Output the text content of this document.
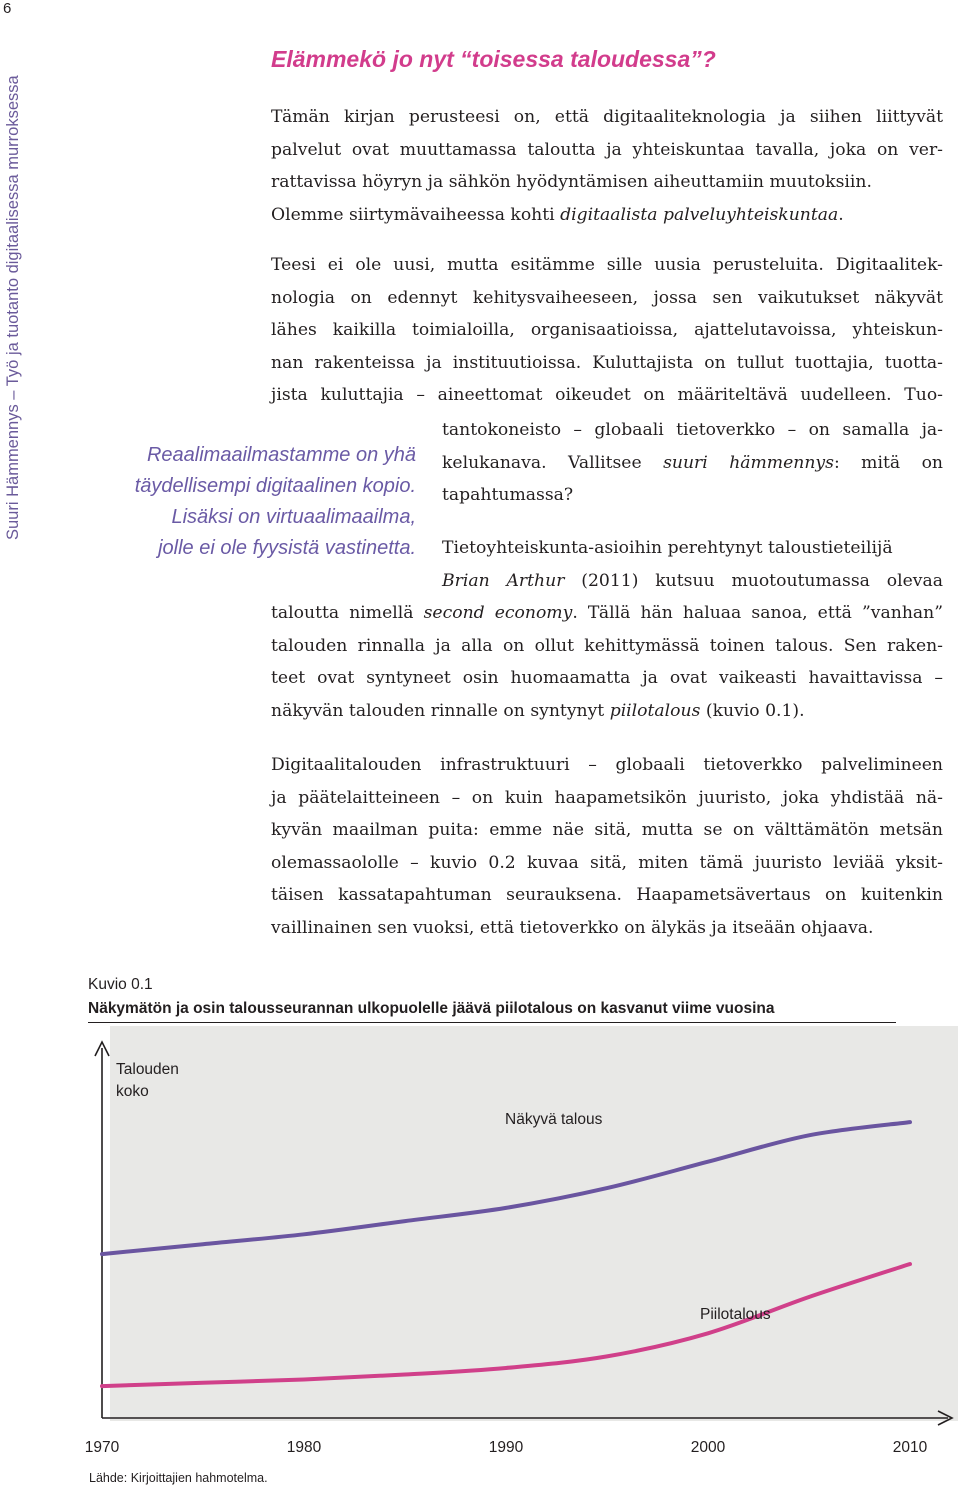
6
Suuri Hämmennys – Työ ja tuotanto digitaalisessa murroksessa
Elämmekö jo nyt “toisessa taloudessa”?
Tämän kirjan perusteesi on, että digitaaliteknologia ja siihen liittyvät
palvelut ovat muuttamassa taloutta ja yhteiskuntaa tavalla, joka on ver-
rattavissa höyryn ja sähkön hyödyntämisen aiheuttamiin muutoksiin.
Olemme siirtymävaiheessa kohti digitaalista palveluyhteiskuntaa.
Teesi ei ole uusi, mutta esitämme sille uusia perusteluita. Digitaalitek-
nologia on edennyt kehitysvaiheeseen, jossa sen vaikutukset näkyvät
lähes kaikilla toimialoilla, organisaatioissa, ajattelutavoissa, yhteiskun-
nan rakenteissa ja instituutioissa. Kuluttajista on tullut tuottajia, tuotta-
jista kuluttajia – aineettomat oikeudet on määriteltävä uudelleen. Tuo-
tantokoneisto – globaali tietoverkko – on samalla ja-
kelukanava. Vallitsee suuri hämmennys: mitä on
tapahtumassa?
Reaalimaailmastamme on yhä
täydellisempi digitaalinen kopio.
Lisäksi on virtuaalimaailma,
jolle ei ole fyysistä vastinetta. Tietoyhteiskunta-asioihin perehtynyt taloustieteilijä
Brian Arthur (2011) kutsuu muotoutumassa olevaa
taloutta nimellä second economy. Tällä hän haluaa sanoa, että ”vanhan”
talouden rinnalla ja alla on ollut kehittymässä toinen talous. Sen raken-
teet ovat syntyneet osin huomaamatta ja ovat vaikeasti havaittavissa –
näkyvän talouden rinnalle on syntynyt piilotalous (kuvio 0.1).
Digitaalitalouden infrastruktuuri – globaali tietoverkko palvelimineen
ja päätelaitteineen – on kuin haapametsikön juuristo, joka yhdistää nä-
kyvän maailman puita: emme näe sitä, mutta se on välttämätön metsän
olemassaololle – kuvio 0.2 kuvaa sitä, miten tämä juuristo leviää yksit-
täisen kassatapahtuman seurauksena. Haapametsävertaus on kuitenkin
vaillinainen sen vuoksi, että tietoverkko on älykäs ja itseään ohjaava.
Kuvio 0.1
Näkymätön ja osin talousseurannan ulkopuolelle jäävä piilotalous on kasvanut viime vuosina
Talouden
koko
Näkyvä talous
Piilotalous
1970	1980	1990	2000	2010
Lähde: Kirjoittajien hahmotelma.
